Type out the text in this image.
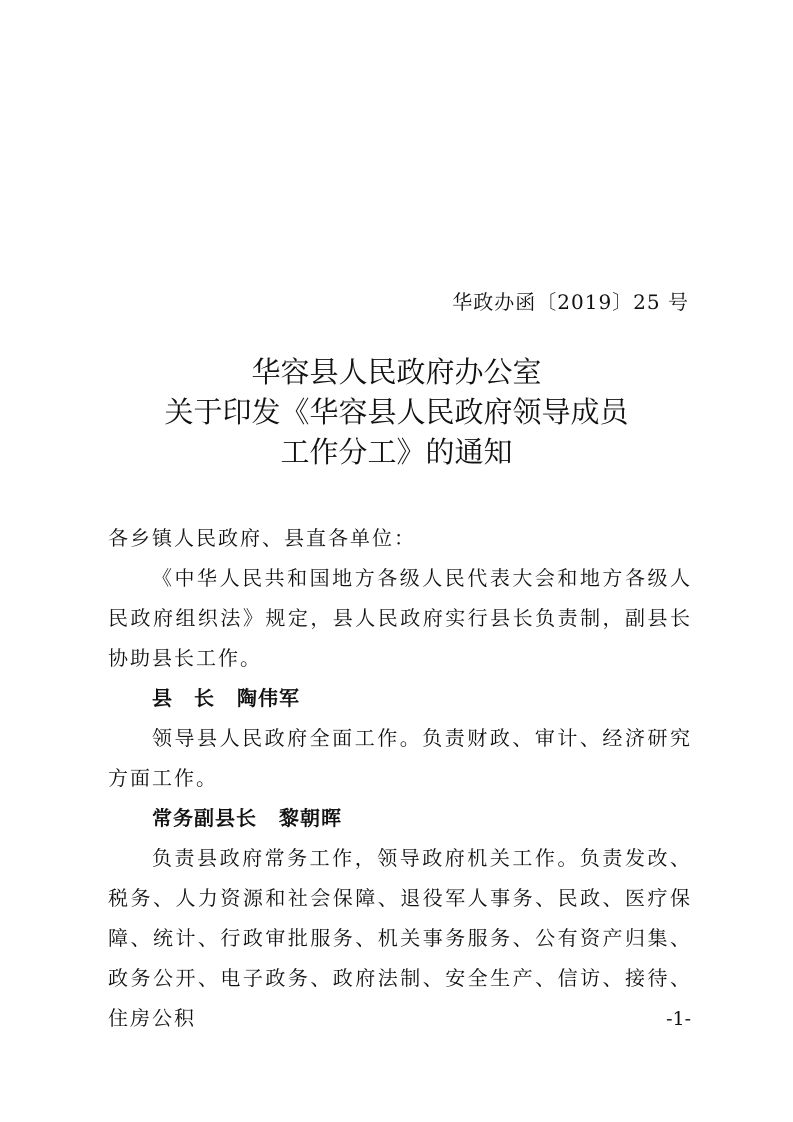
华政办函〔2019〕25 号
华容县人民政府办公室
关于印发《华容县人民政府领导成员
工作分工》的通知

各乡镇人民政府、县直各单位：

《中华人民共和国地方各级人民代表大会和地方各级人民政府组织法》规定，县人民政府实行县长负责制，副县长协助县长工作。

县　长 陶伟军

领导县人民政府全面工作。负责财政、审计、经济研究方面工作。

常务副县长 黎朝晖

负责县政府常务工作，领导政府机关工作。负责发改、税务、人力资源和社会保障、退役军人事务、民政、医疗保障、统计、行政审批服务、机关事务服务、公有资产归集、政务公开、电子政务、政府法制、安全生产、信访、接待、住房公积	-1-
